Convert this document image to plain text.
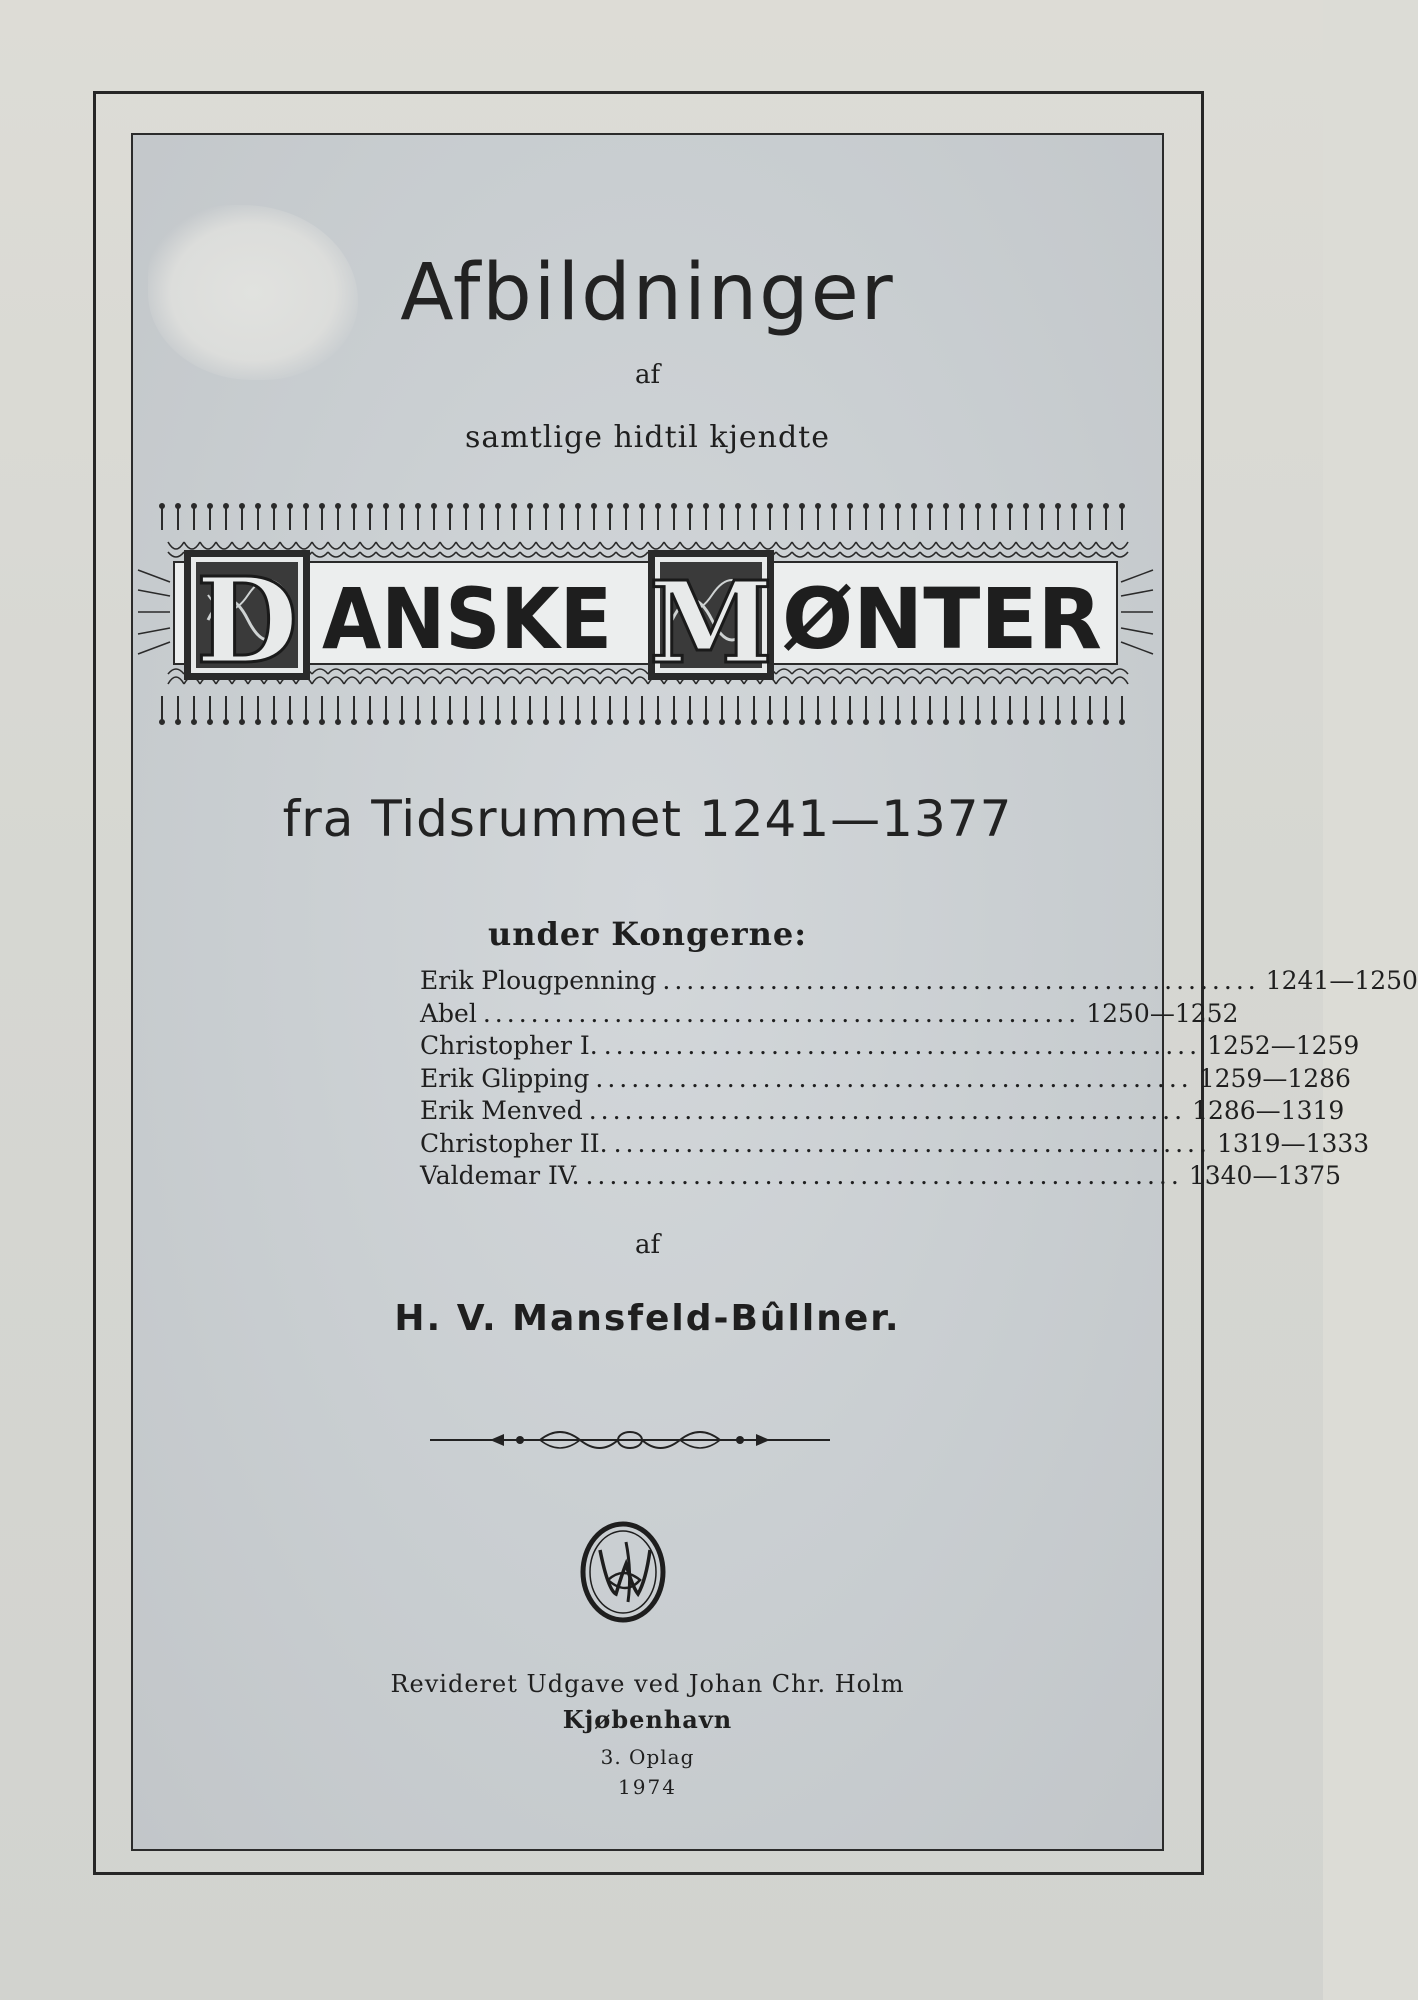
Afbildninger
af
samtlige hidtil kjendte
D ANSKE M ØNTER
fra Tidsrummet 1241—1377
under Kongerne:
Erik Plougpenning .................................................. 1241—1250
Abel .................................................. 1250—1252
Christopher I. .................................................. 1252—1259
Erik Glipping .................................................. 1259—1286
Erik Menved .................................................. 1286—1319
Christopher II. .................................................. 1319—1333
Valdemar IV. .................................................. 1340—1375
af
H. V. Mansfeld-Bûllner.
Revideret Udgave ved Johan Chr. Holm
Kjøbenhavn
3. Oplag
1974
